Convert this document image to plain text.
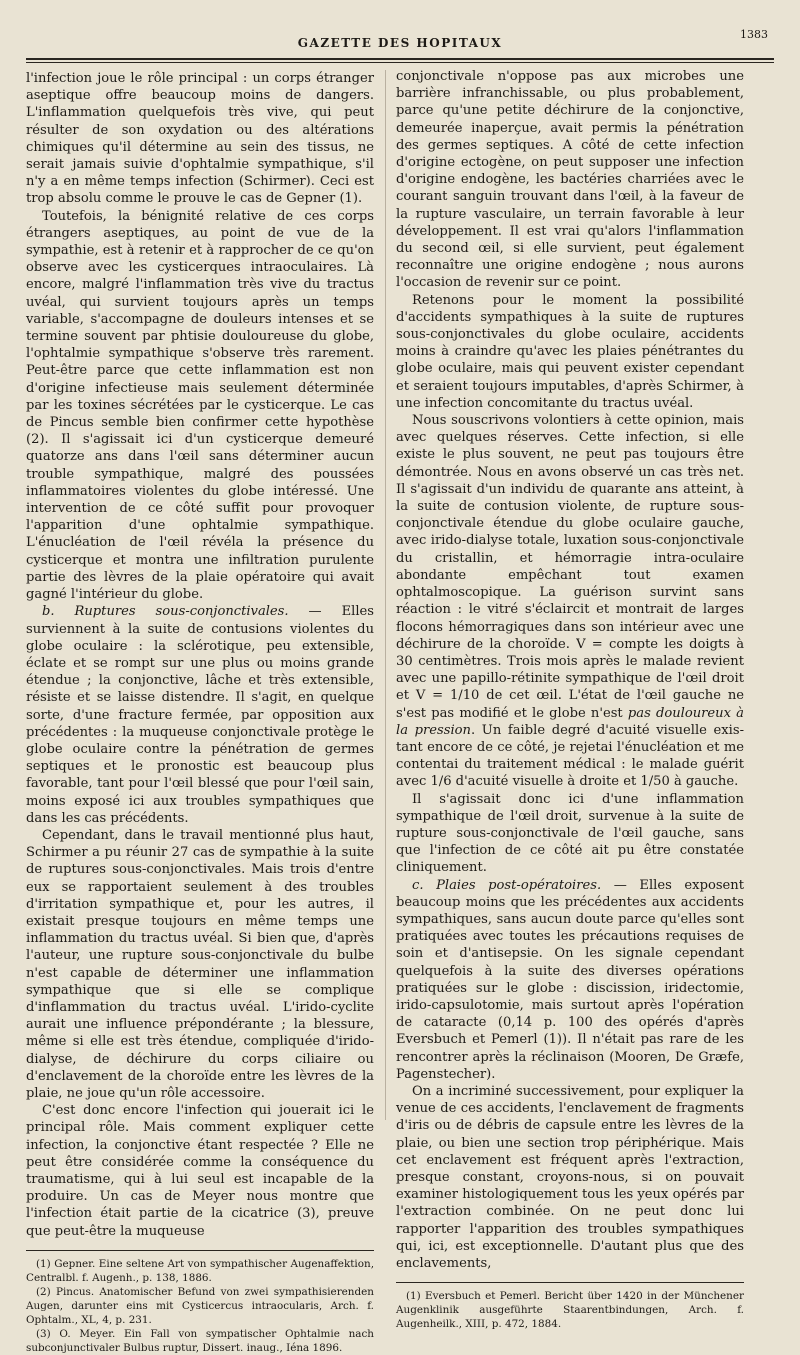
GAZETTE DES HOPITAUX
1383

l'infection joue le rôle principal : un corps étranger aseptique offre beaucoup moins de dangers. L'inflammation quelquefois très vive, qui peut résulter de son oxydation ou des altérations chimiques qu'il détermine au sein des tissus, ne serait jamais suivie d'ophtalmie sympathique, s'il n'y a en même temps infection (Schirmer). Ceci est trop absolu comme le prouve le cas de Gepner (1).

Toutefois, la bénignité relative de ces corps étrangers aseptiques, au point de vue de la sympathie, est à retenir et à rapprocher de ce qu'on observe avec les cysticerques intraoculaires. Là encore, malgré l'inflammation très vive du tractus uvéal, qui survient toujours après un temps variable, s'accompagne de douleurs intenses et se termine souvent par phtisie douloureuse du globe, l'ophtalmie sympathique s'observe très rarement. Peut-être parce que cette inflammation est non d'origine infectieuse mais seulement déterminée par les toxines sécrétées par le cysticerque. Le cas de Pincus semble bien confirmer cette hypothèse (2). Il s'agissait ici d'un cysticerque demeuré quatorze ans dans l'œil sans déterminer aucun trouble sympathique, malgré des poussées inflammatoires violentes du globe intéressé. Une intervention de ce côté suffit pour provoquer l'apparition d'une ophtalmie sympathique. L'énucléation de l'œil révéla la présence du cysticerque et montra une infiltration purulente partie des lèvres de la plaie opératoire qui avait gagné l'intérieur du globe.

b. Ruptures sous-conjonctivales. — Elles surviennent à la suite de contusions violentes du globe oculaire : la sclérotique, peu extensible, éclate et se rompt sur une plus ou moins grande étendue ; la conjonctive, lâche et très extensible, résiste et se laisse distendre. Il s'agit, en quelque sorte, d'une fracture fermée, par opposition aux précédentes : la muqueuse conjonctivale protège le globe oculaire contre la pénétration de germes septiques et le pronostic est beaucoup plus favorable, tant pour l'œil blessé que pour l'œil sain, moins exposé ici aux troubles sympathiques que dans les cas précédents.

Cependant, dans le travail mentionné plus haut, Schirmer a pu réunir 27 cas de sympathie à la suite de ruptures sous-conjonctivales. Mais trois d'entre eux se rapportaient seulement à des troubles d'irritation sympathique et, pour les autres, il existait presque toujours en même temps une inflammation du tractus uvéal. Si bien que, d'après l'auteur, une rupture sous-conjonctivale du bulbe n'est capable de déterminer une inflammation sympathique que si elle se complique d'inflammation du tractus uvéal. L'irido-cyclite aurait une influence prépondérante ; la blessure, même si elle est très étendue, compliquée d'irido-dialyse, de déchirure du corps ciliaire ou d'enclavement de la choroïde entre les lèvres de la plaie, ne joue qu'un rôle accessoire.

C'est donc encore l'infection qui jouerait ici le principal rôle. Mais comment expliquer cette infection, la conjonctive étant respectée ? Elle ne peut être considérée comme la conséquence du traumatisme, qui à lui seul est incapable de la produire. Un cas de Meyer nous montre que l'infection était partie de la cicatrice (3), preuve que peut-être la muqueuse

(1) Gepner. Eine seltene Art von sympathischer Augenaffektion, Centralbl. f. Augenh., p. 138, 1886.

(2) Pincus. Anatomischer Befund von zwei sympathisierenden Augen, darunter eins mit Cysticercus intraocularis, Arch. f. Ophtalm., XL, 4, p. 231.

(3) O. Meyer. Ein Fall von sympatischer Ophtalmie nach subconjunctivaler Bulbus ruptur, Dissert. inaug., Iéna 1896.

conjonctivale n'oppose pas aux microbes une barrière infranchissable, ou plus probablement, parce qu'une petite déchirure de la conjonctive, demeurée inaperçue, avait permis la pénétration des germes septiques. A côté de cette infection d'origine ectogène, on peut supposer une infection d'origine endogène, les bactéries charriées avec le courant sanguin trouvant dans l'œil, à la faveur de la rupture vasculaire, un terrain favorable à leur développement. Il est vrai qu'alors l'inflammation du second œil, si elle survient, peut également reconnaître une origine endogène ; nous aurons l'occasion de revenir sur ce point.

Retenons pour le moment la possibilité d'accidents sympathiques à la suite de ruptures sous-conjonctivales du globe oculaire, accidents moins à craindre qu'avec les plaies pénétrantes du globe oculaire, mais qui peuvent exister cependant et seraient toujours imputables, d'après Schirmer, à une infection concomitante du tractus uvéal.

Nous souscrivons volontiers à cette opinion, mais avec quelques réserves. Cette infection, si elle existe le plus souvent, ne peut pas toujours être démontrée. Nous en avons observé un cas très net. Il s'agissait d'un individu de quarante ans atteint, à la suite de contusion violente, de rupture sous-conjonctivale étendue du globe oculaire gauche, avec irido-dialyse totale, luxation sous-conjonctivale du cristallin, et hémorragie intra-oculaire abondante empêchant tout examen ophtalmoscopique. La guérison survint sans réaction : le vitré s'éclaircit et montrait de larges flocons hémorragiques dans son intérieur avec une déchirure de la choroïde. V = compte les doigts à 30 centimètres. Trois mois après le malade revient avec une papillo-rétinite sympathique de l'œil droit et V = 1/10 de cet œil. L'état de l'œil gauche ne s'est pas modifié et le globe n'est pas douloureux à la pression. Un faible degré d'acuité visuelle existant encore de ce côté, je rejetai l'énucléation et me contentai du traitement médical : le malade guérit avec 1/6 d'acuité visuelle à droite et 1/50 à gauche.

Il s'agissait donc ici d'une inflammation sympathique de l'œil droit, survenue à la suite de rupture sous-conjonctivale de l'œil gauche, sans que l'infection de ce côté ait pu être constatée cliniquement.

c. Plaies post-opératoires. — Elles exposent beaucoup moins que les précédentes aux accidents sympathiques, sans aucun doute parce qu'elles sont pratiquées avec toutes les précautions requises de soin et d'antisepsie. On les signale cependant quelquefois à la suite des diverses opérations pratiquées sur le globe : discission, iridectomie, irido-capsulotomie, mais surtout après l'opération de cataracte (0,14 p. 100 des opérés d'après Eversbuch et Pemerl (1)). Il n'était pas rare de les rencontrer après la réclinaison (Mooren, De Græfe, Pagenstecher).

On a incriminé successivement, pour expliquer la venue de ces accidents, l'enclavement de fragments d'iris ou de débris de capsule entre les lèvres de la plaie, ou bien une section trop périphérique. Mais cet enclavement est fréquent après l'extraction, presque constant, croyons-nous, si on pouvait examiner histologiquement tous les yeux opérés par l'extraction combinée. On ne peut donc lui rapporter l'apparition des troubles sympathiques qui, ici, est exceptionnelle. D'autant plus que des enclavements,

(1) Eversbuch et Pemerl. Bericht über 1420 in der Münchener Augenklinik ausgeführte Staarentbindungen, Arch. f. Augenheilk., XIII, p. 472, 1884.
